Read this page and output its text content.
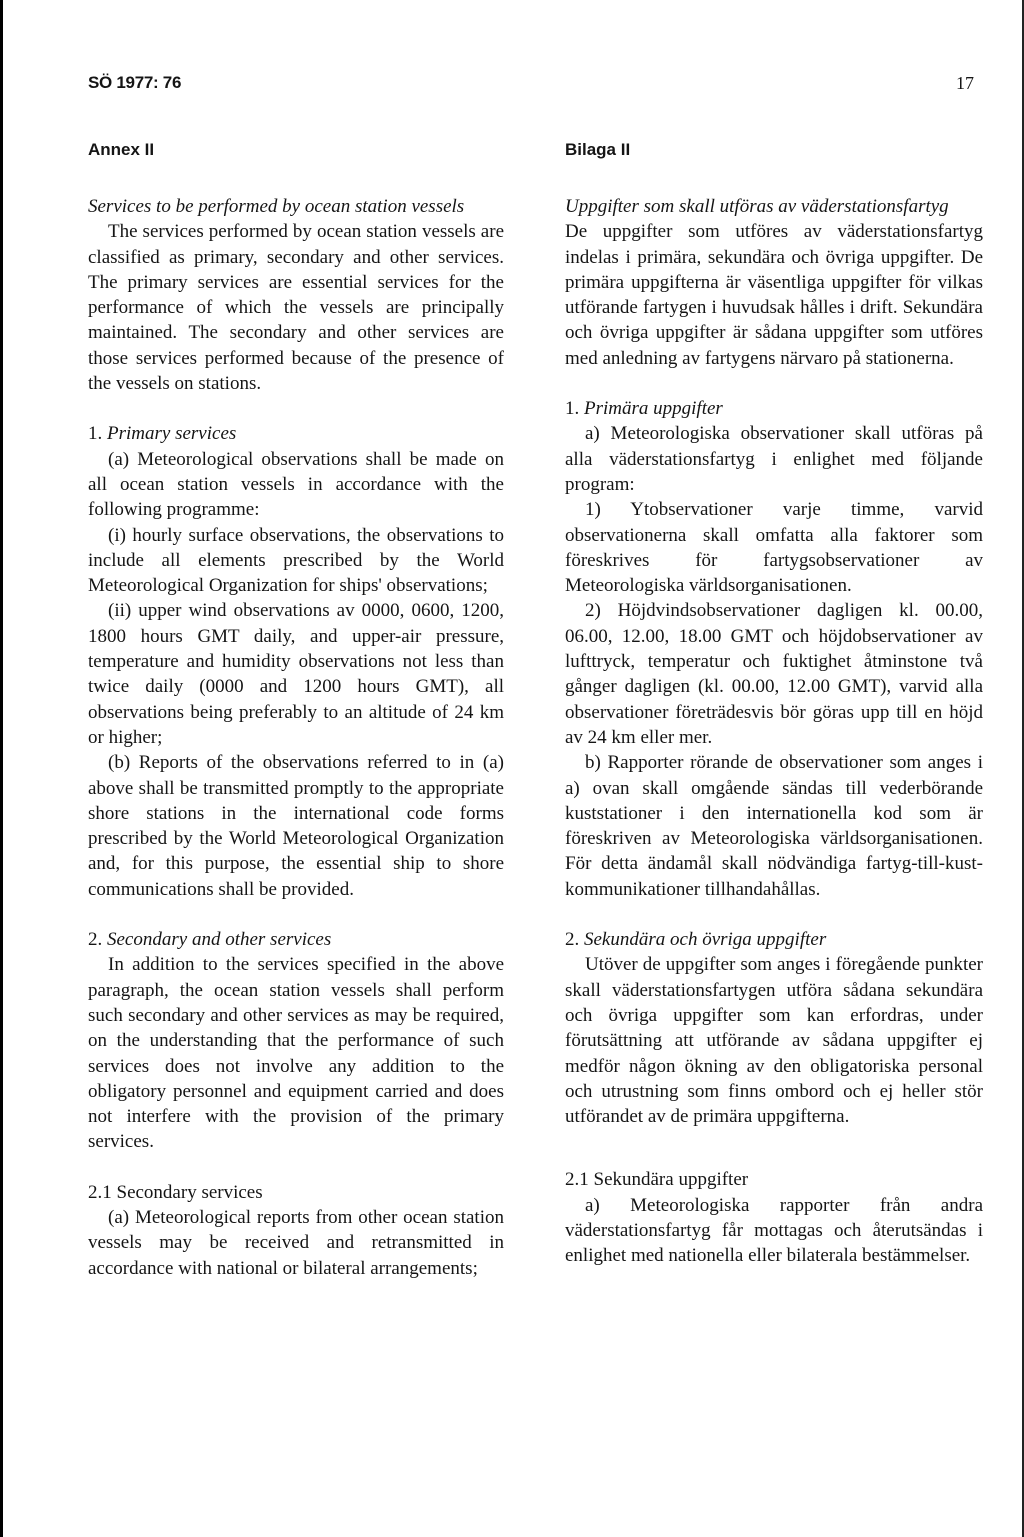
SÖ 1977: 76	17
Annex II

Services to be performed by ocean station vessels

The services performed by ocean station vessels are classified as primary, secondary and other services. The primary services are essential services for the performance of which the vessels are principally maintained. The secondary and other services are those services performed because of the presence of the vessels on stations.

1. Primary services

(a) Meteorological observations shall be made on all ocean station vessels in accordance with the following programme:

(i) hourly surface observations, the observations to include all elements prescribed by the World Meteorological Organization for ships' observations;

(ii) upper wind observations av 0000, 0600, 1200, 1800 hours GMT daily, and upper-air pressure, temperature and humidity observations not less than twice daily (0000 and 1200 hours GMT), all observations being preferably to an altitude of 24 km or higher;

(b) Reports of the observations referred to in (a) above shall be transmitted promptly to the appropriate shore stations in the international code forms prescribed by the World Meteorological Organization and, for this purpose, the essential ship to shore communications shall be provided.

2. Secondary and other services

In addition to the services specified in the above paragraph, the ocean station vessels shall perform such secondary and other services as may be required, on the understanding that the performance of such services does not involve any addition to the obligatory personnel and equipment carried and does not interfere with the provision of the primary services.

2.1 Secondary services

(a) Meteorological reports from other ocean station vessels may be received and retransmitted in accordance with national or bilateral arrangements;

Bilaga II

Uppgifter som skall utföras av väderstationsfartyg

De uppgifter som utföres av väderstationsfartyg indelas i primära, sekundära och övriga uppgifter. De primära uppgifterna är väsentliga uppgifter för vilkas utförande fartygen i huvudsak hålles i drift. Sekundära och övriga uppgifter är sådana uppgifter som utföres med anledning av fartygens närvaro på stationerna.

1. Primära uppgifter

a) Meteorologiska observationer skall utföras på alla väderstationsfartyg i enlighet med följande program:

1) Ytobservationer varje timme, varvid observationerna skall omfatta alla faktorer som föreskrives för fartygsobservationer av Meteorologiska världsorganisationen.

2) Höjdvindsobservationer dagligen kl. 00.00, 06.00, 12.00, 18.00 GMT och höjdobservationer av lufttryck, temperatur och fuktighet åtminstone två gånger dagligen (kl. 00.00, 12.00 GMT), varvid alla observationer företrädesvis bör göras upp till en höjd av 24 km eller mer.

b) Rapporter rörande de observationer som anges i a) ovan skall omgående sändas till vederbörande kuststationer i den internationella kod som är föreskriven av Meteorologiska världsorganisationen. För detta ändamål skall nödvändiga fartyg-till-kust-kommunikationer tillhandahållas.

2. Sekundära och övriga uppgifter

Utöver de uppgifter som anges i föregående punkter skall väderstationsfartygen utföra sådana sekundära och övriga uppgifter som kan erfordras, under förutsättning att utförande av sådana uppgifter ej medför någon ökning av den obligatoriska personal och utrustning som finns ombord och ej heller stör utförandet av de primära uppgifterna.

2.1 Sekundära uppgifter

a) Meteorologiska rapporter från andra väderstationsfartyg får mottagas och återutsändas i enlighet med nationella eller bilaterala bestämmelser.
